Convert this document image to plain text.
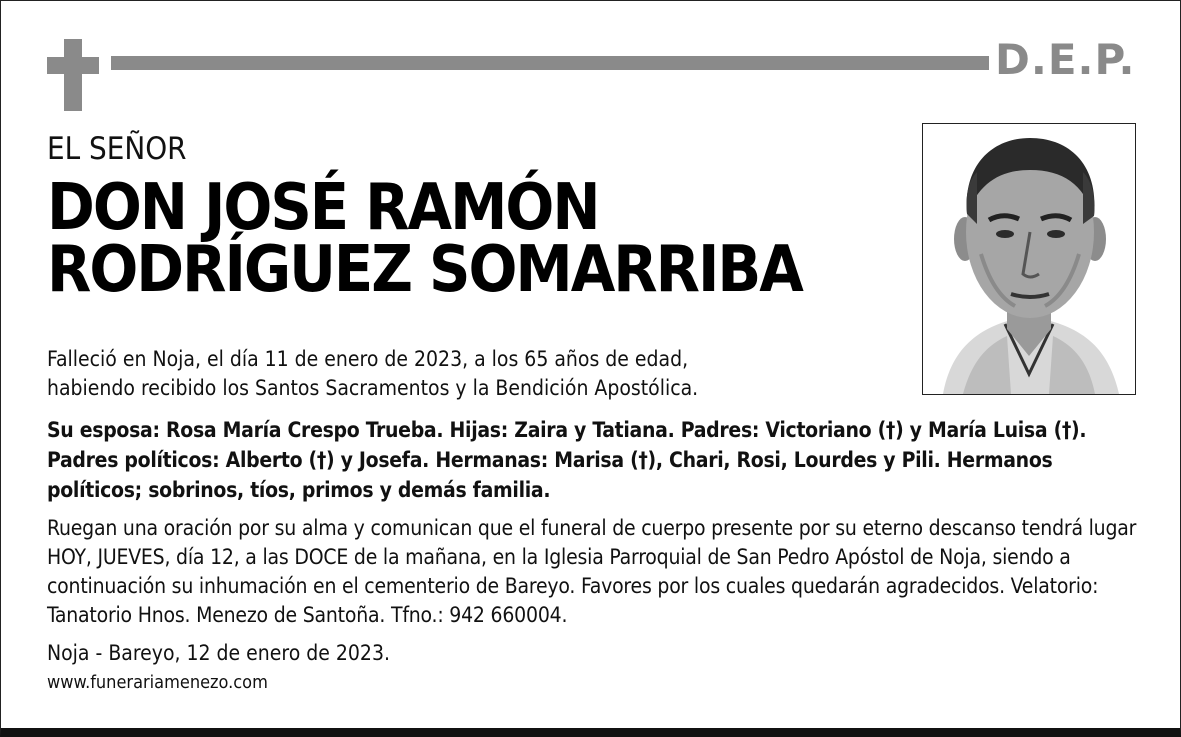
D.E.P.
EL SEÑOR
DON JOSÉ RAMÓN
RODRÍGUEZ SOMARRIBA
Falleció en Noja, el día 11 de enero de 2023, a los 65 años de edad,
habiendo recibido los Santos Sacramentos y la Bendición Apostólica.
Su esposa: Rosa María Crespo Trueba. Hijas: Zaira y Tatiana. Padres: Victoriano (†) y María Luisa (†). Padres políticos: Alberto (†) y Josefa. Hermanas: Marisa (†), Chari, Rosi, Lourdes y Pili. Hermanos políticos; sobrinos, tíos, primos y demás familia.
Ruegan una oración por su alma y comunican que el funeral de cuerpo presente por su eterno descanso tendrá lugar HOY, JUEVES, día 12, a las DOCE de la mañana, en la Iglesia Parroquial de San Pedro Apóstol de Noja, siendo a continuación su inhumación en el cementerio de Bareyo. Favores por los cuales quedarán agradecidos. Velatorio: Tanatorio Hnos. Menezo de Santoña. Tfno.: 942 660004.
Noja - Bareyo, 12 de enero de 2023.
www.funerariamenezo.com
